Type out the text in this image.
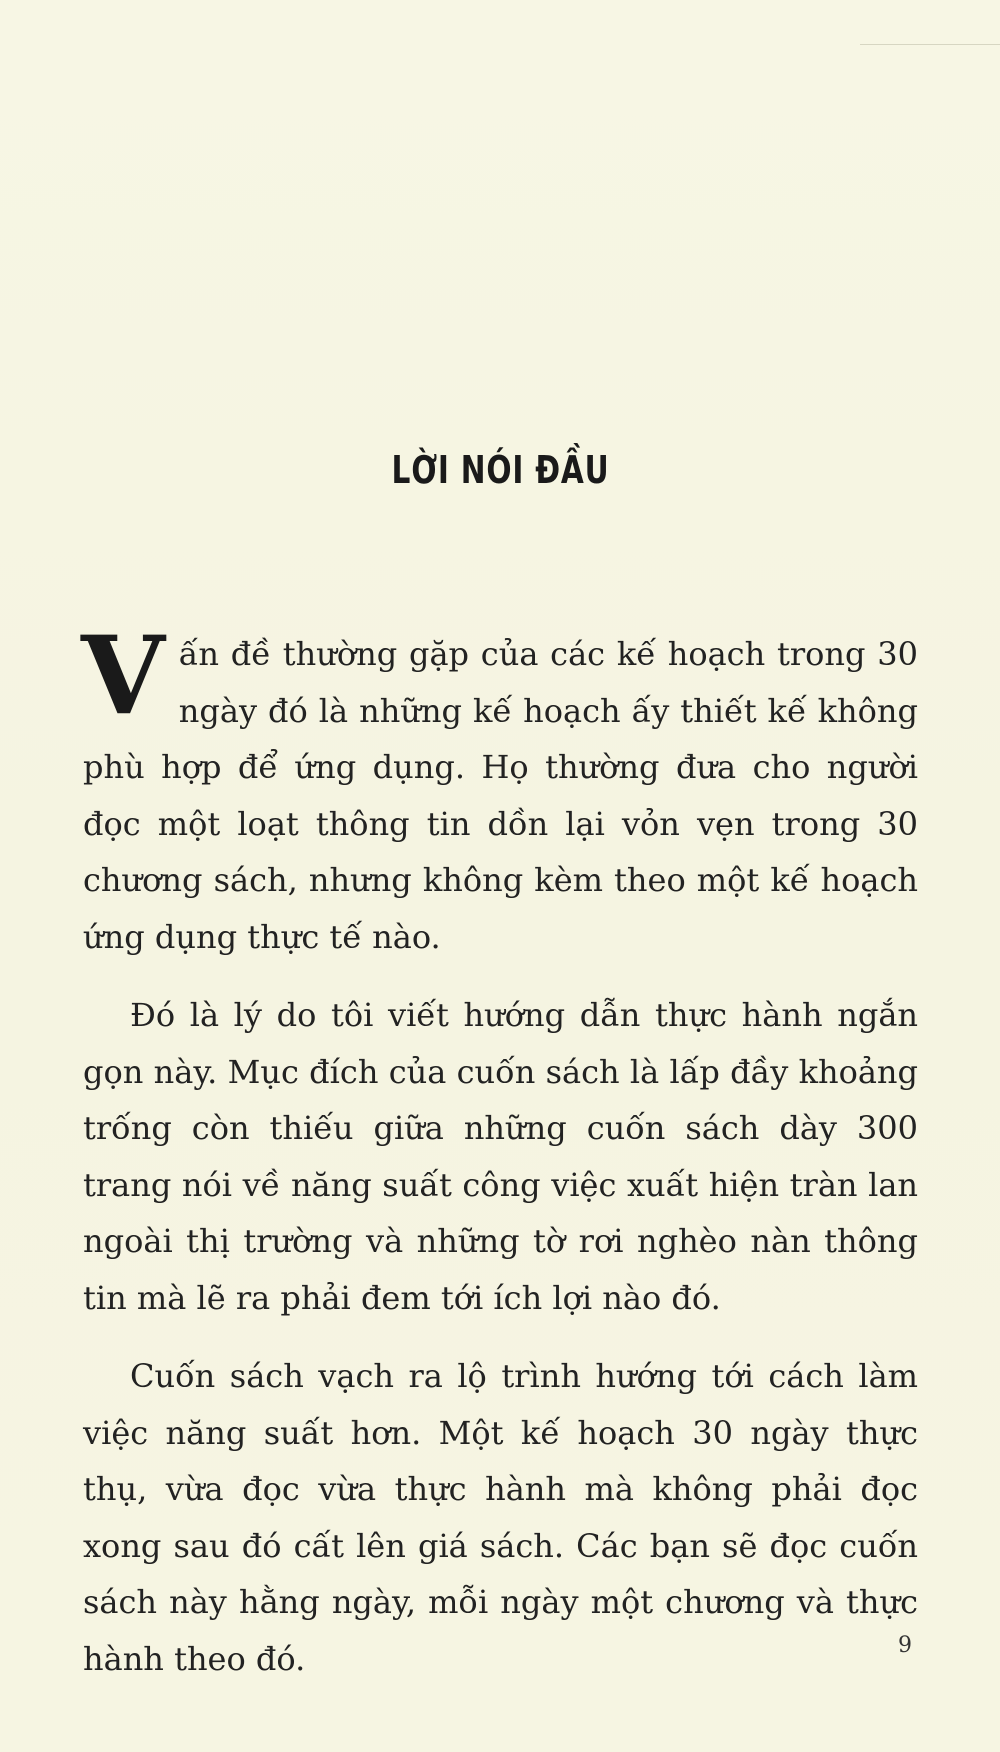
LỜI NÓI ĐẦU

Vấn đề thường gặp của các kế hoạch trong 30 ngày đó là những kế hoạch ấy thiết kế không phù hợp để ứng dụng. Họ thường đưa cho người đọc một loạt thông tin dồn lại vỏn vẹn trong 30 chương sách, nhưng không kèm theo một kế hoạch ứng dụng thực tế nào.

Đó là lý do tôi viết hướng dẫn thực hành ngắn gọn này. Mục đích của cuốn sách là lấp đầy khoảng trống còn thiếu giữa những cuốn sách dày 300 trang nói về năng suất công việc xuất hiện tràn lan ngoài thị trường và những tờ rơi nghèo nàn thông tin mà lẽ ra phải đem tới ích lợi nào đó.

Cuốn sách vạch ra lộ trình hướng tới cách làm việc năng suất hơn. Một kế hoạch 30 ngày thực thụ, vừa đọc vừa thực hành mà không phải đọc xong sau đó cất lên giá sách. Các bạn sẽ đọc cuốn sách này hằng ngày, mỗi ngày một chương và thực hành theo đó.	9
